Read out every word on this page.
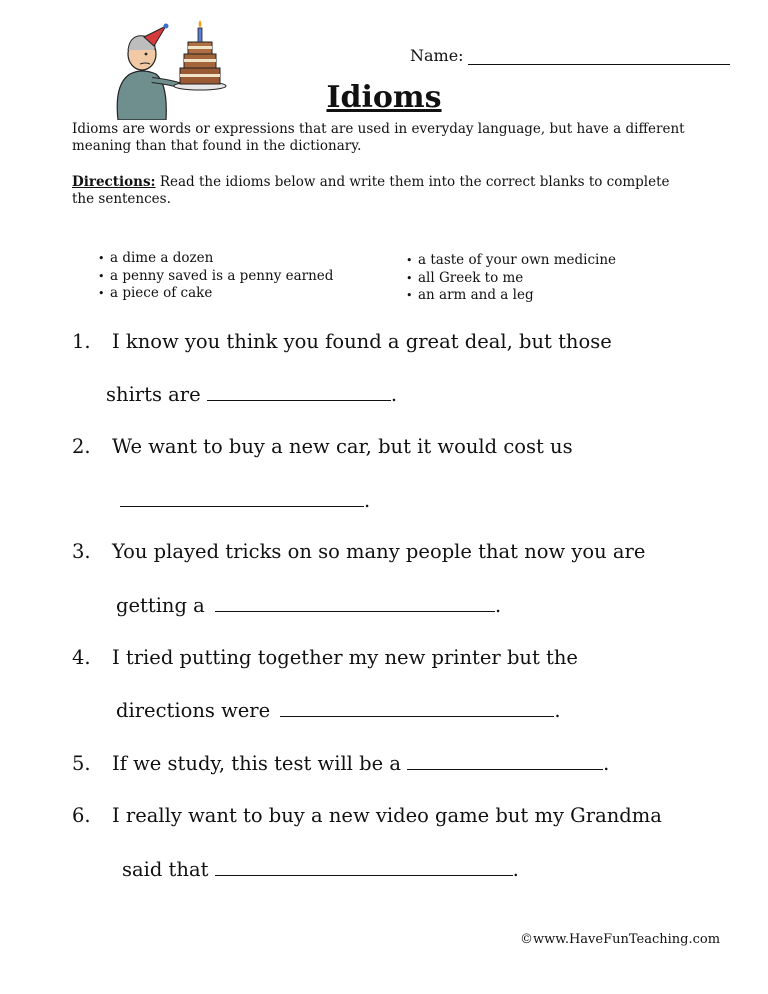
Name:
Idioms
Idioms are words or expressions that are used in everyday language, but have a different meaning than that found in the dictionary.
Directions: Read the idioms below and write them into the correct blanks to complete the sentences.
• a dime a dozen
• a penny saved is a penny earned
• a piece of cake
• a taste of your own medicine
• all Greek to me
• an arm and a leg
1. I know you think you found a great deal, but those
shirts are	.
2. We want to buy a new car, but it would cost us
.
3. You played tricks on so many people that now you are
getting a	.
4. I tried putting together my new printer but the
directions were	.
5. If we study, this test will be a	.
6. I really want to buy a new video game but my Grandma
said that	.
©www.HaveFunTeaching.com
